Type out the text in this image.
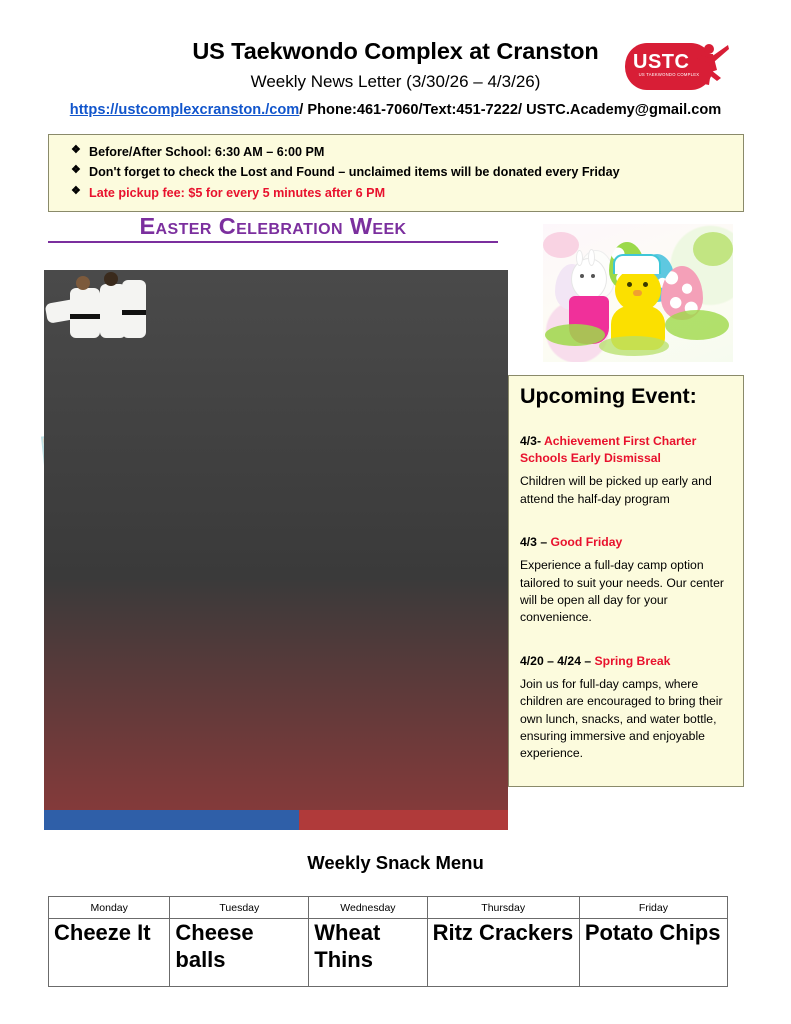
US Taekwondo Complex at Cranston
Weekly News Letter (3/30/26 – 4/3/26)
https://ustcomplexcranston./com/ Phone:461-7060/Text:451-7222/ USTC.Academy@gmail.com
USTC
US TAEKWONDO COMPLEX
❖ Before/After School: 6:30 AM – 6:00 PM
❖ Don't forget to check the Lost and Found – unclaimed items will be donated every Friday
❖ Late pickup fee: $5 for every 5 minutes after 6 PM
Easter Celebration Week

Upcoming Event:
4/3- Achievement First Charter Schools Early Dismissal
Children will be picked up early and attend the half-day program
4/3 – Good Friday
Experience a full-day camp option tailored to suit your needs. Our center will be open all day for your convenience.
4/20 – 4/24 – Spring Break
Join us for full-day camps, where children are encouraged to bring their own lunch, snacks, and water bottle, ensuring immersive and enjoyable experience.
Weekly Snack Menu
Monday	Tuesday	Wednesday	Thursday	Friday
Cheeze It	Cheese balls	Wheat Thins	Ritz Crackers	Potato Chips
